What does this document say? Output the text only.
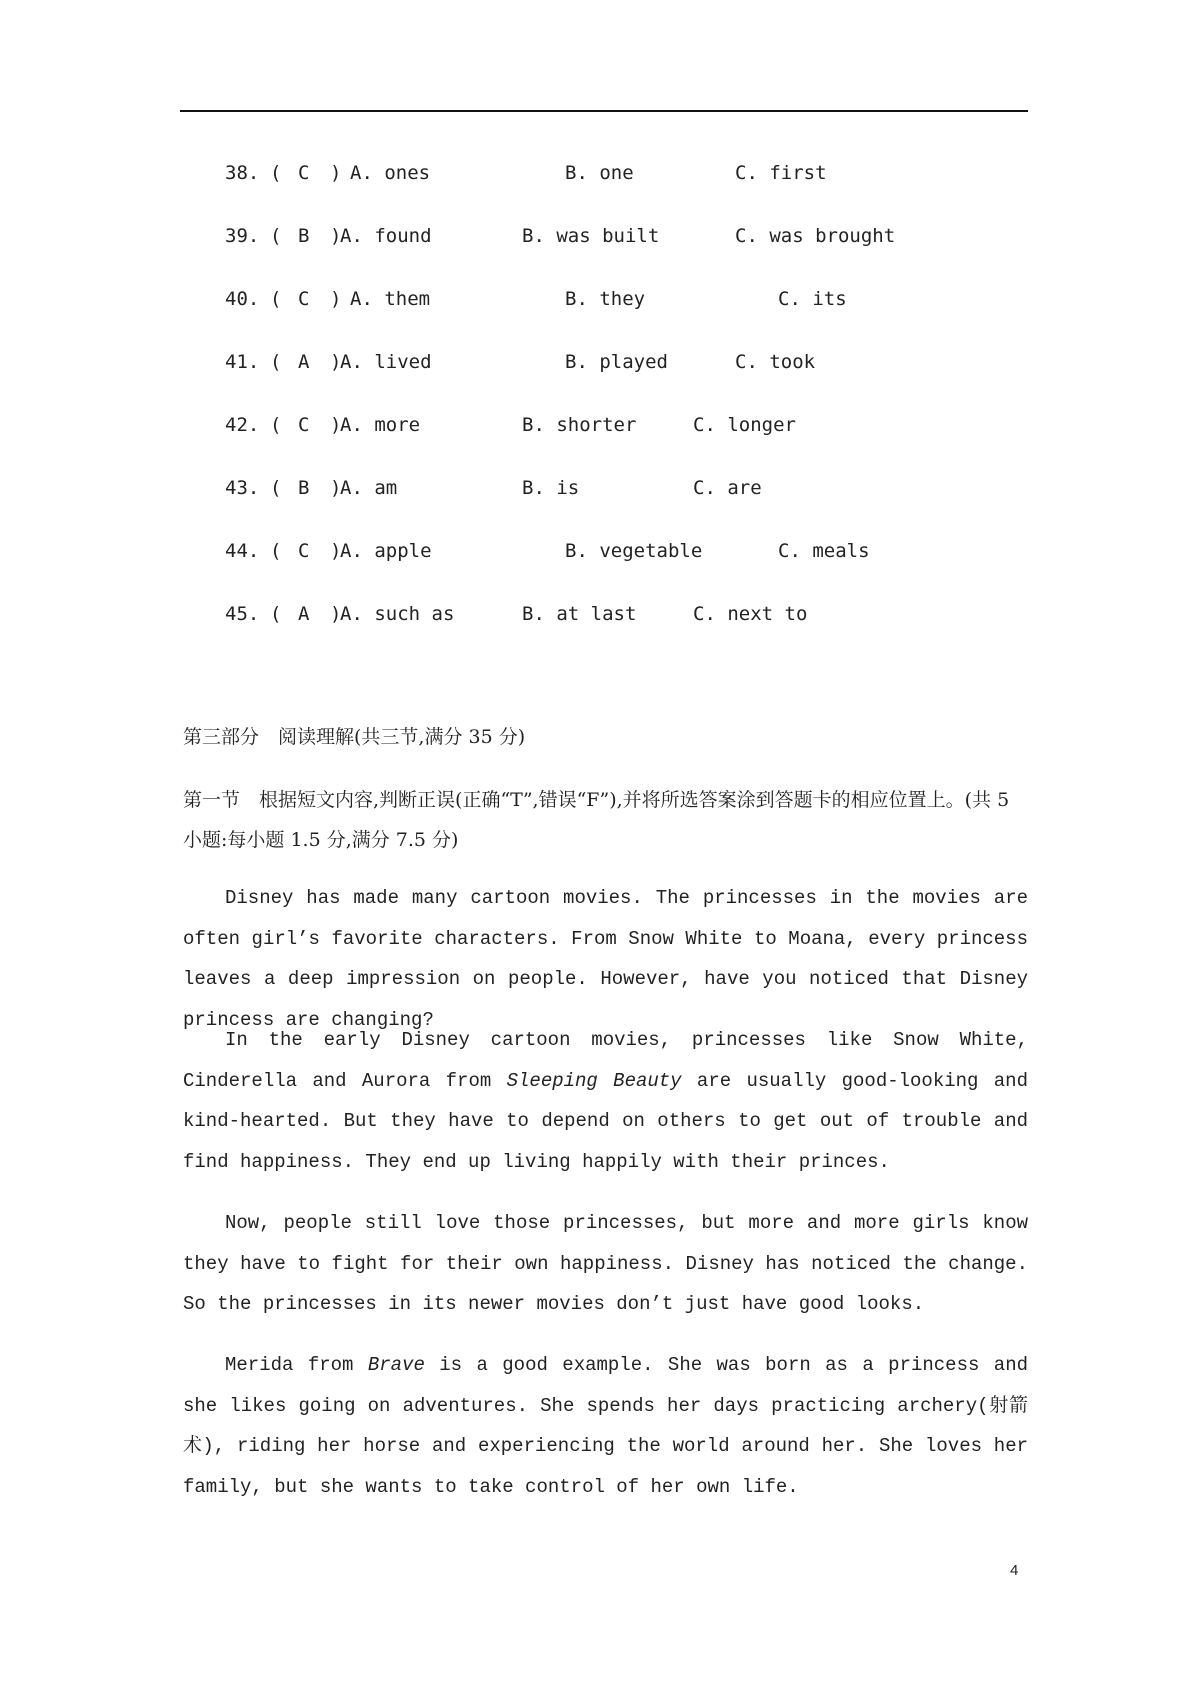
38. ( C ) A. ones	B. one	C. first
39. ( B )
A. found	B. was built	C. was brought
40. ( C ) A. them	B. they	C. its
41. ( A )
A. lived	B. played	C. took
42. ( C )
A. more	B. shorter	C. longer
43. ( B )
A. am	B. is	C. are
44. ( C )
A. apple	B. vegetable	C. meals
45. ( A )
A. such as	B. at last	C. next to
第三部分　阅读理解(共三节,满分 35 分)
第一节　根据短文内容,判断正误(正确“T”,错误“F”),并将所选答案涂到答题卡的相应位置上。(共 5 小题:每小题 1.5 分,满分 7.5 分)
Disney has made many cartoon movies. The princesses in the movies are often girl’s favorite characters. From Snow White to Moana, every princess leaves a deep impression on people. However, have you noticed that Disney princess are changing?
In the early Disney cartoon movies, princesses like Snow White, Cinderella and Aurora from Sleeping Beauty are usually good-looking and kind-hearted. But they have to depend on others to get out of trouble and find happiness. They end up living happily with their princes.
Now, people still love those princesses, but more and more girls know they have to fight for their own happiness. Disney has noticed the change. So the princesses in its newer movies don’t just have good looks.
Merida from Brave is a good example. She was born as a princess and she likes going on adventures. She spends her days practicing archery(射箭术), riding her horse and experiencing the world around her. She loves her family, but she wants to take control of her own life.
4
